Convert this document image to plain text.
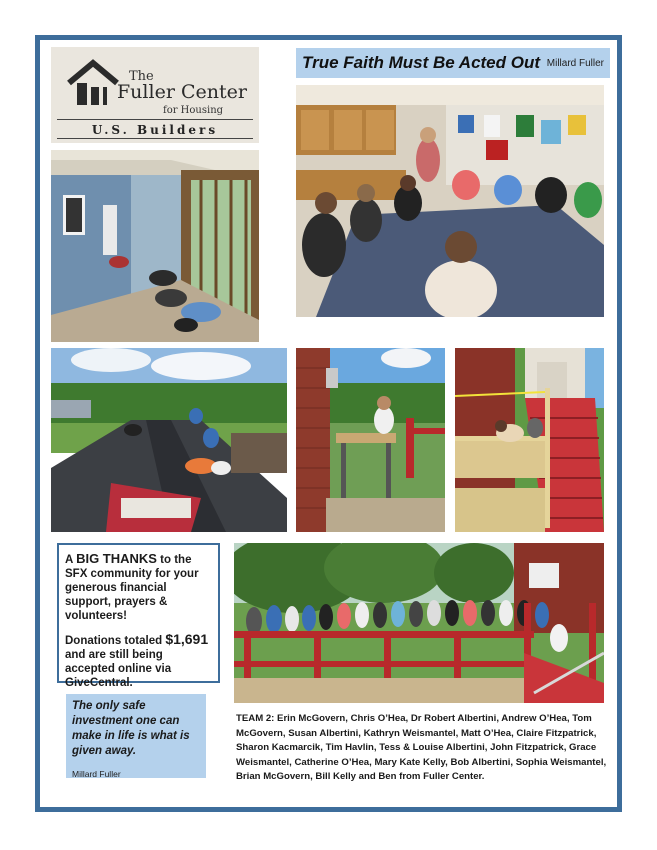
The
Fuller Center
for Housing
U.S. Builders
True Faith Must Be Acted Out Millard Fuller

A BIG THANKS to the SFX community for your generous financial support, prayers & volunteers!

Donations totaled $1,691 and are still being accepted online via GiveCentral.

The only safe investment one can make in life is what is given away.
Millard Fuller
TEAM 2: Erin McGovern, Chris O’Hea, Dr Robert Albertini, Andrew O’Hea, Tom McGovern, Susan Albertini, Kathryn Weismantel, Matt O’Hea, Claire Fitzpatrick, Sharon Kacmarcik, Tim Havlin, Tess & Louise Albertini, John Fitzpatrick, Grace Weismantel, Catherine O’Hea, Mary Kate Kelly, Bob Albertini, Sophia Weismantel, Brian McGovern, Bill Kelly and Ben from Fuller Center.
